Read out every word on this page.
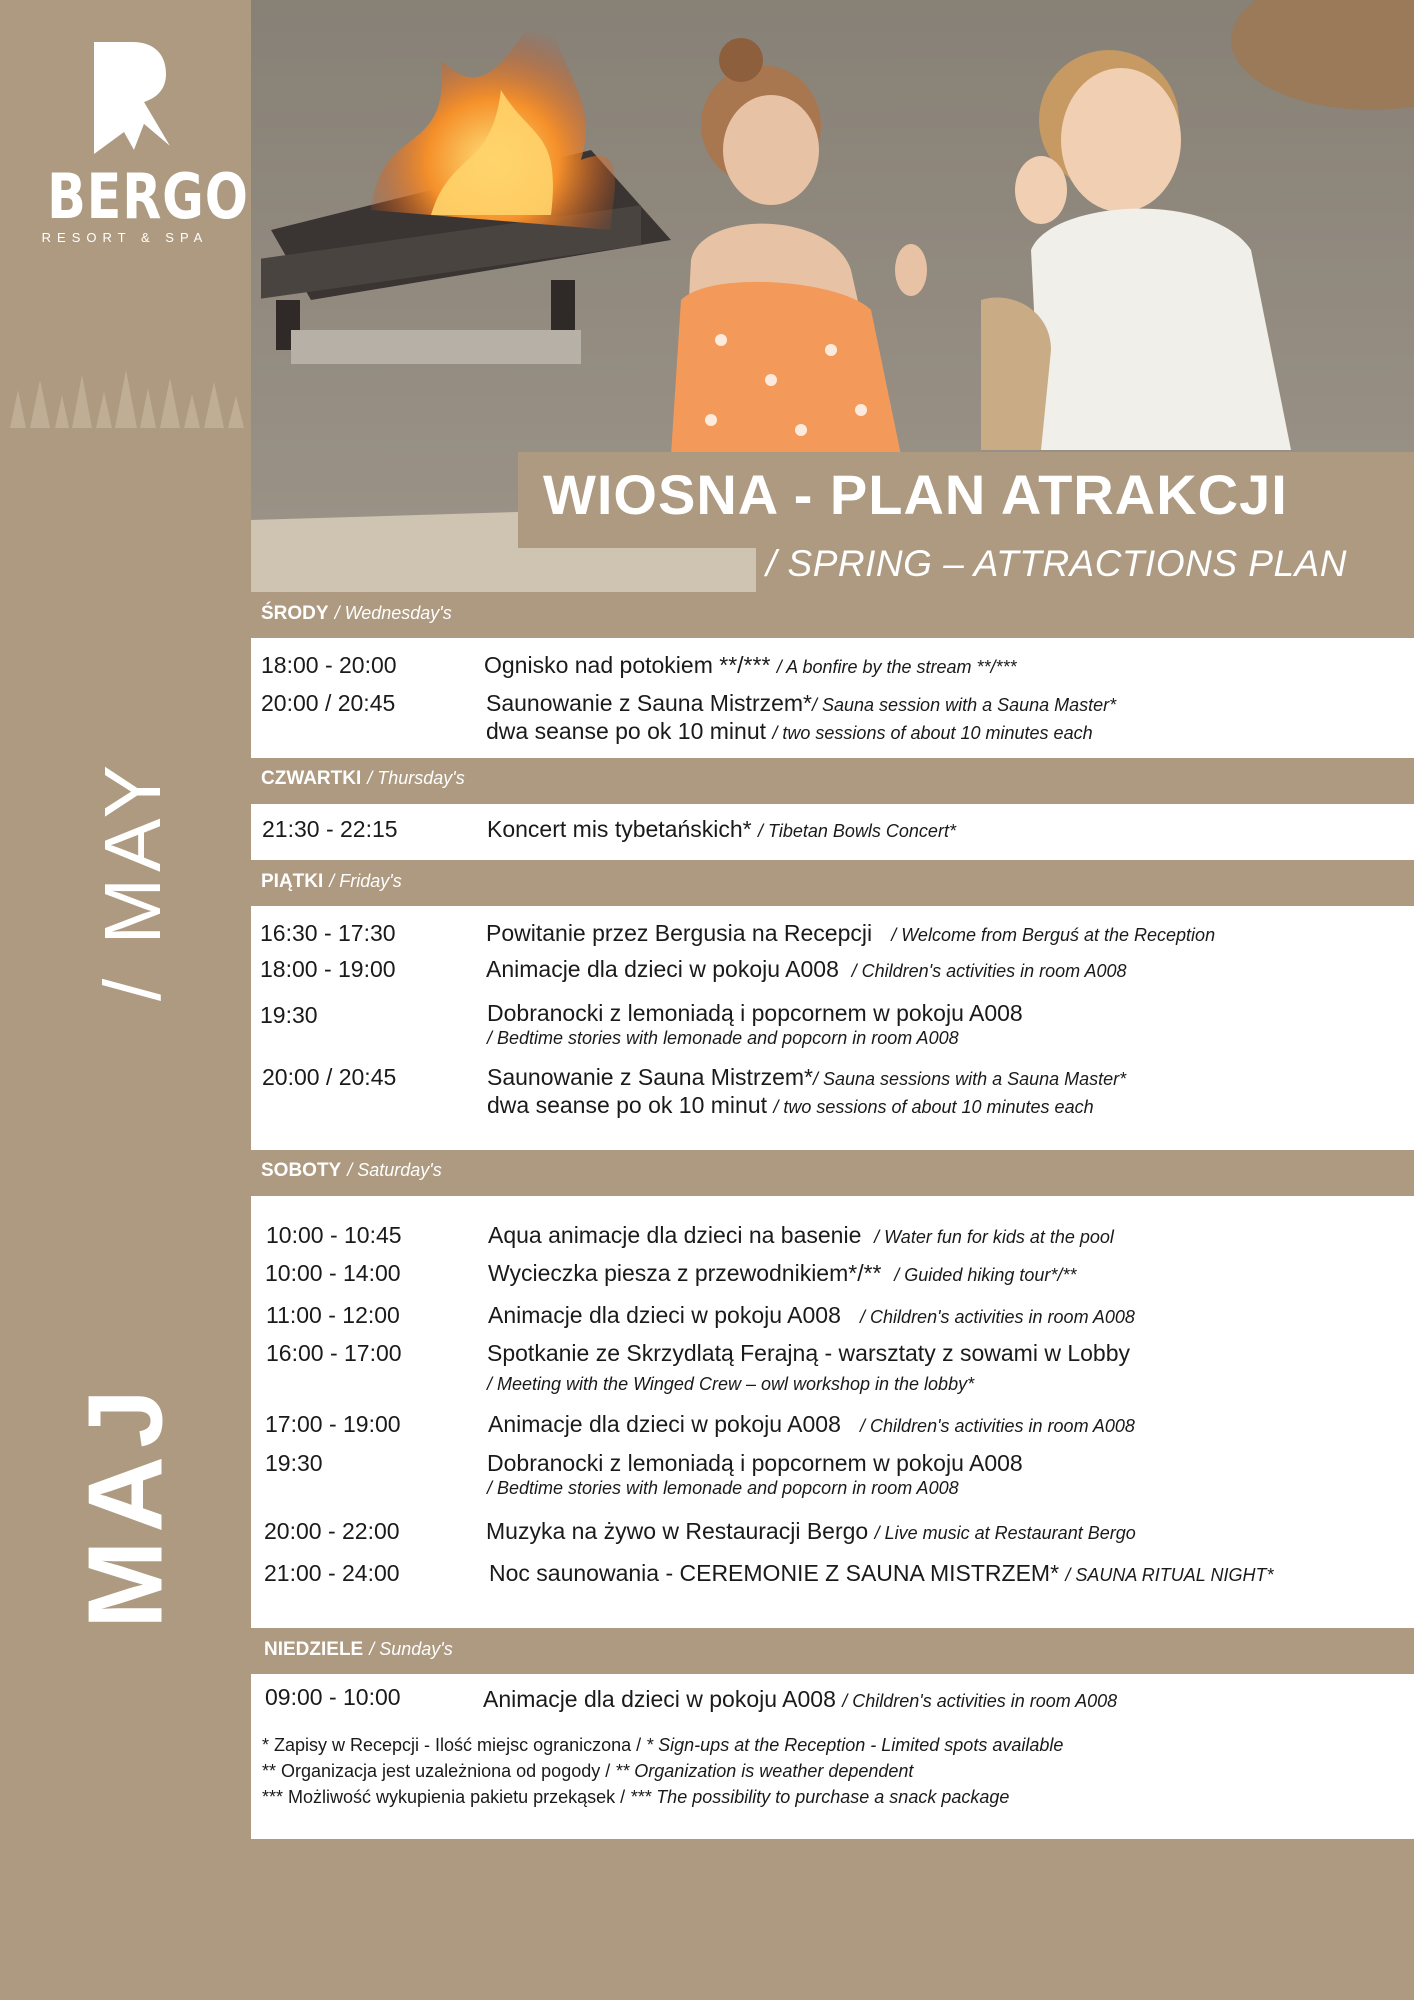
BERGO
RESORT & SPA
/ MAY
MAJ
WIOSNA - PLAN ATRAKCJI
/ SPRING – ATTRACTIONS PLAN
ŚRODY / Wednesday's
18:00 - 20:00	Ognisko nad potokiem **/*** / A bonfire by the stream **/***
20:00 / 20:45	Saunowanie z Sauna Mistrzem*/ Sauna session with a Sauna Master*
dwa seanse po ok 10 minut / two sessions of about 10 minutes each
CZWARTKI / Thursday's
21:30 - 22:15	Koncert mis tybetańskich* / Tibetan Bowls Concert*
PIĄTKI / Friday's
16:30 - 17:30	Powitanie przez Bergusia na Recepcji / Welcome from Berguś at the Reception
18:00 - 19:00	Animacje dla dzieci w pokoju A008 / Children's activities in room A008
19:30	Dobranocki z lemoniadą i popcornem w pokoju A008
/ Bedtime stories with lemonade and popcorn in room A008
20:00 / 20:45	Saunowanie z Sauna Mistrzem*/ Sauna sessions with a Sauna Master*
dwa seanse po ok 10 minut / two sessions of about 10 minutes each
SOBOTY / Saturday's
10:00 - 10:45	Aqua animacje dla dzieci na basenie / Water fun for kids at the pool
10:00 - 14:00	Wycieczka piesza z przewodnikiem*/** / Guided hiking tour*/**
11:00 - 12:00	Animacje dla dzieci w pokoju A008 / Children's activities in room A008
16:00 - 17:00	Spotkanie ze Skrzydlatą Ferajną - warsztaty z sowami w Lobby
/ Meeting with the Winged Crew – owl workshop in the lobby*
17:00 - 19:00	Animacje dla dzieci w pokoju A008 / Children's activities in room A008
19:30	Dobranocki z lemoniadą i popcornem w pokoju A008
/ Bedtime stories with lemonade and popcorn in room A008
20:00 - 22:00	Muzyka na żywo w Restauracji Bergo / Live music at Restaurant Bergo
21:00 - 24:00	Noc saunowania - CEREMONIE Z SAUNA MISTRZEM* / SAUNA RITUAL NIGHT*
NIEDZIELE / Sunday's
09:00 - 10:00	Animacje dla dzieci w pokoju A008 / Children's activities in room A008
* Zapisy w Recepcji - Ilość miejsc ograniczona / * Sign-ups at the Reception - Limited spots available
** Organizacja jest uzależniona od pogody / ** Organization is weather dependent
*** Możliwość wykupienia pakietu przekąsek / *** The possibility to purchase a snack package
